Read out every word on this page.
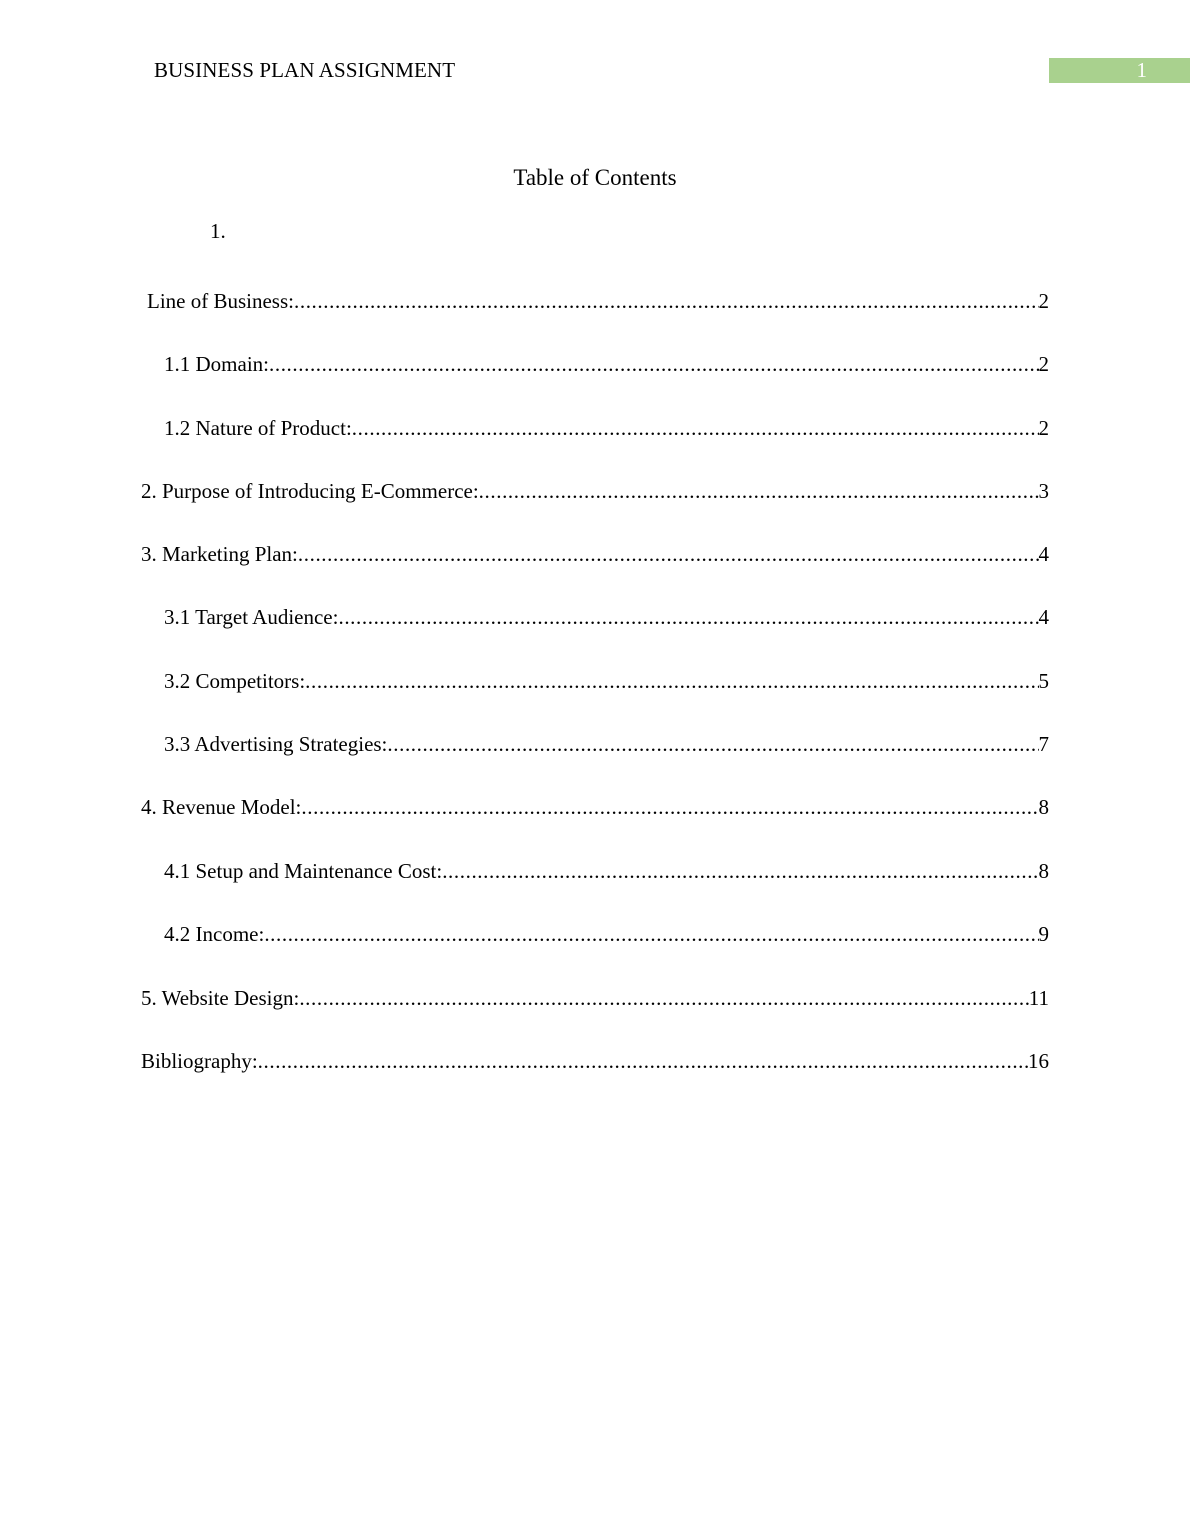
BUSINESS PLAN ASSIGNMENT	1
Table of Contents
1.
Line of Business: .....	2
1.1 Domain: .....	2
1.2 Nature of Product: .....	2
2. Purpose of Introducing E-Commerce: .....	3
3. Marketing Plan: .....	4
3.1 Target Audience: .....	4
3.2 Competitors: .....	5
3.3 Advertising Strategies: .....	7
4. Revenue Model: .....	8
4.1 Setup and Maintenance Cost: .....	8
4.2 Income: .....	9
5. Website Design: .....	11
Bibliography: .....	16
